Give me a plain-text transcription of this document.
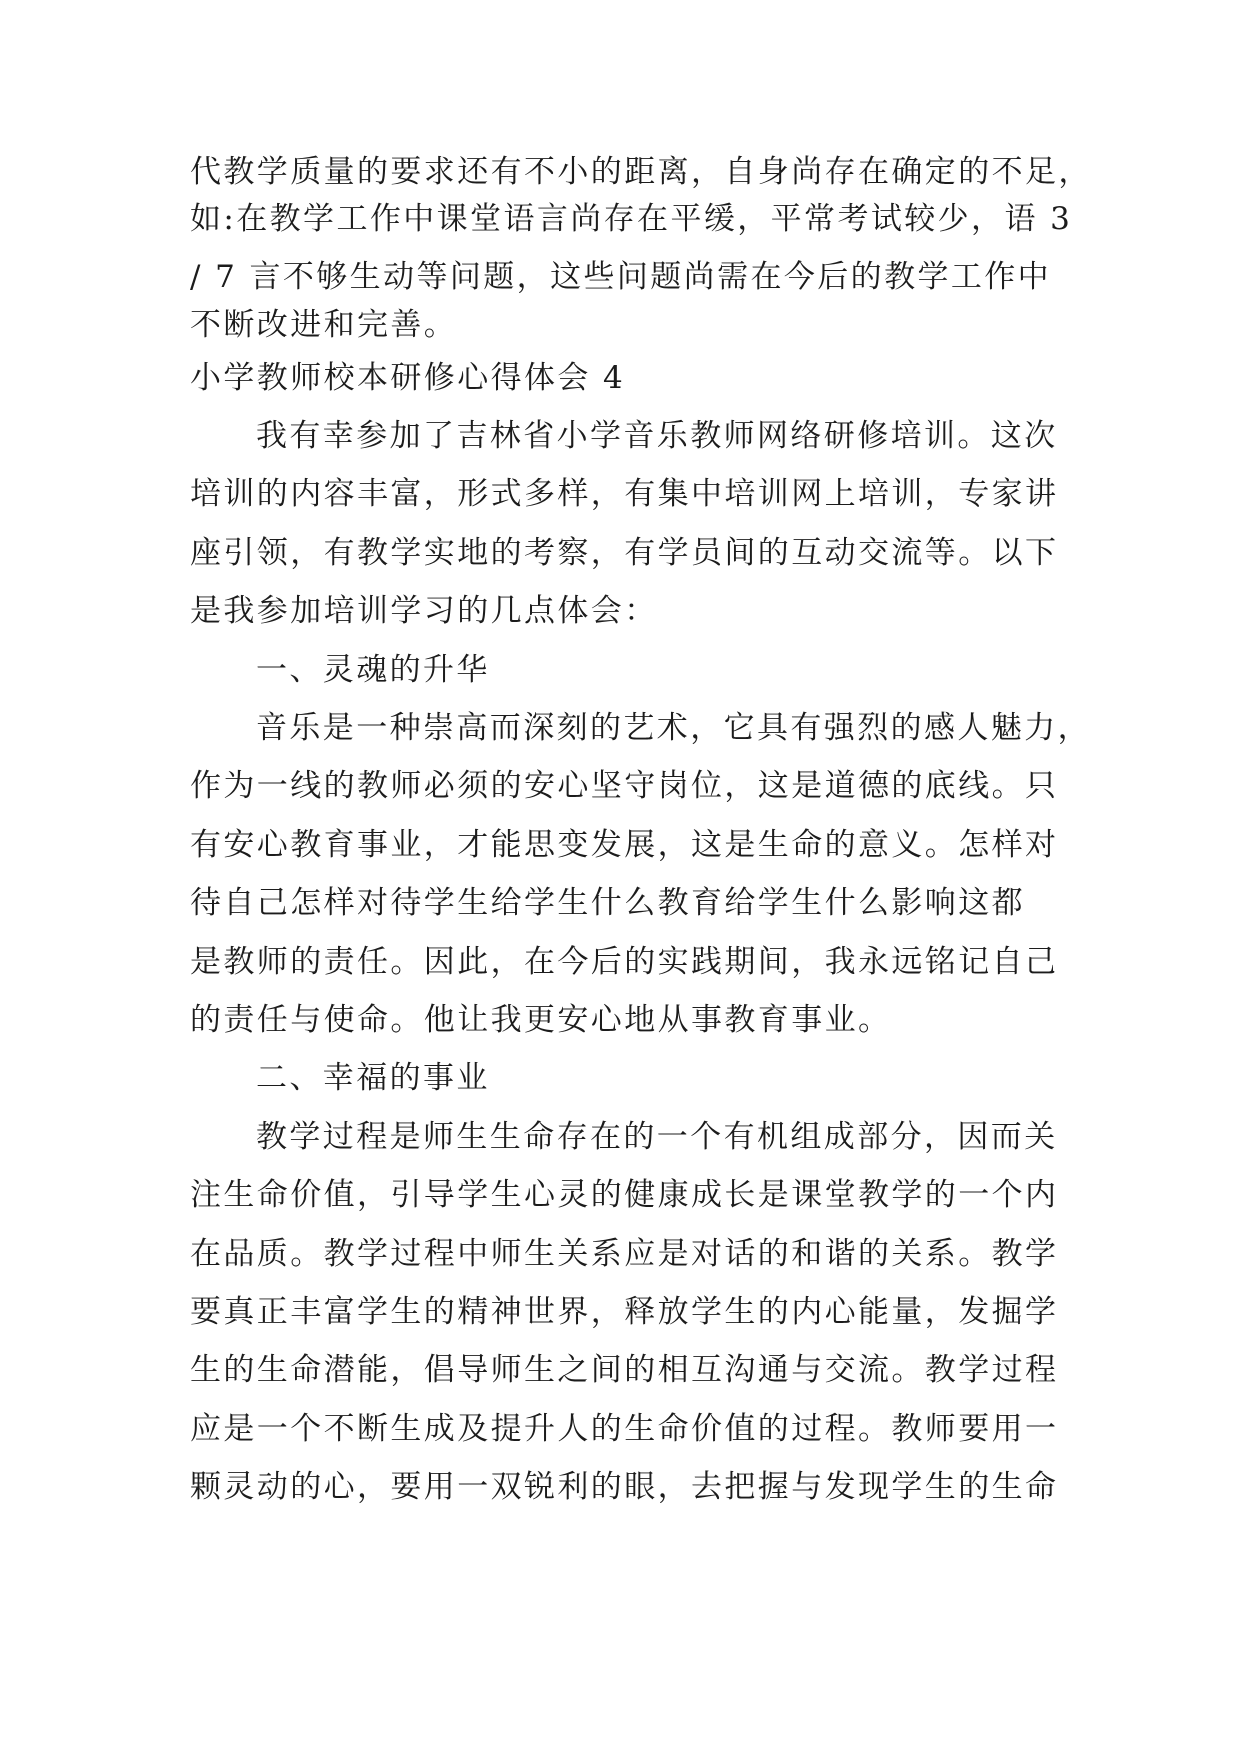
代教学质量的要求还有不小的距离，自身尚存在确定的不足，
如:在教学工作中课堂语言尚存在平缓，平常考试较少，语 3
/ 7 言不够生动等问题，这些问题尚需在今后的教学工作中
不断改进和完善。
小学教师校本研修心得体会 4
我有幸参加了吉林省小学音乐教师网络研修培训。这次
培训的内容丰富，形式多样，有集中培训网上培训，专家讲
座引领，有教学实地的考察，有学员间的互动交流等。以下
是我参加培训学习的几点体会：
一、灵魂的升华
音乐是一种崇高而深刻的艺术，它具有强烈的感人魅力，
作为一线的教师必须的安心坚守岗位，这是道德的底线。只
有安心教育事业，才能思变发展，这是生命的意义。怎样对
待自己怎样对待学生给学生什么教育给学生什么影响这都
是教师的责任。因此，在今后的实践期间，我永远铭记自己
的责任与使命。他让我更安心地从事教育事业。
二、幸福的事业
教学过程是师生生命存在的一个有机组成部分，因而关
注生命价值，引导学生心灵的健康成长是课堂教学的一个内
在品质。教学过程中师生关系应是对话的和谐的关系。教学
要真正丰富学生的精神世界，释放学生的内心能量，发掘学
生的生命潜能，倡导师生之间的相互沟通与交流。教学过程
应是一个不断生成及提升人的生命价值的过程。教师要用一
颗灵动的心，要用一双锐利的眼，去把握与发现学生的生命
